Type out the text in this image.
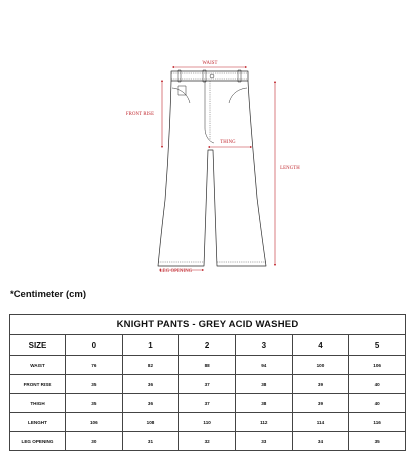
WAIST
FRONT RISE
THING
LENGTH
LEG OPENING
*Centimeter (cm)
KNIGHT PANTS - GREY ACID WASHED						
SIZE	0	1	2	3	4	5
WAIST	76	82	88	94	100	106
FRONT RISE	35	36	37	38	39	40
THIGH	35	36	37	38	39	40
LENGHT	106	108	110	112	114	116
LEG OPENING	30	31	32	33	34	35
